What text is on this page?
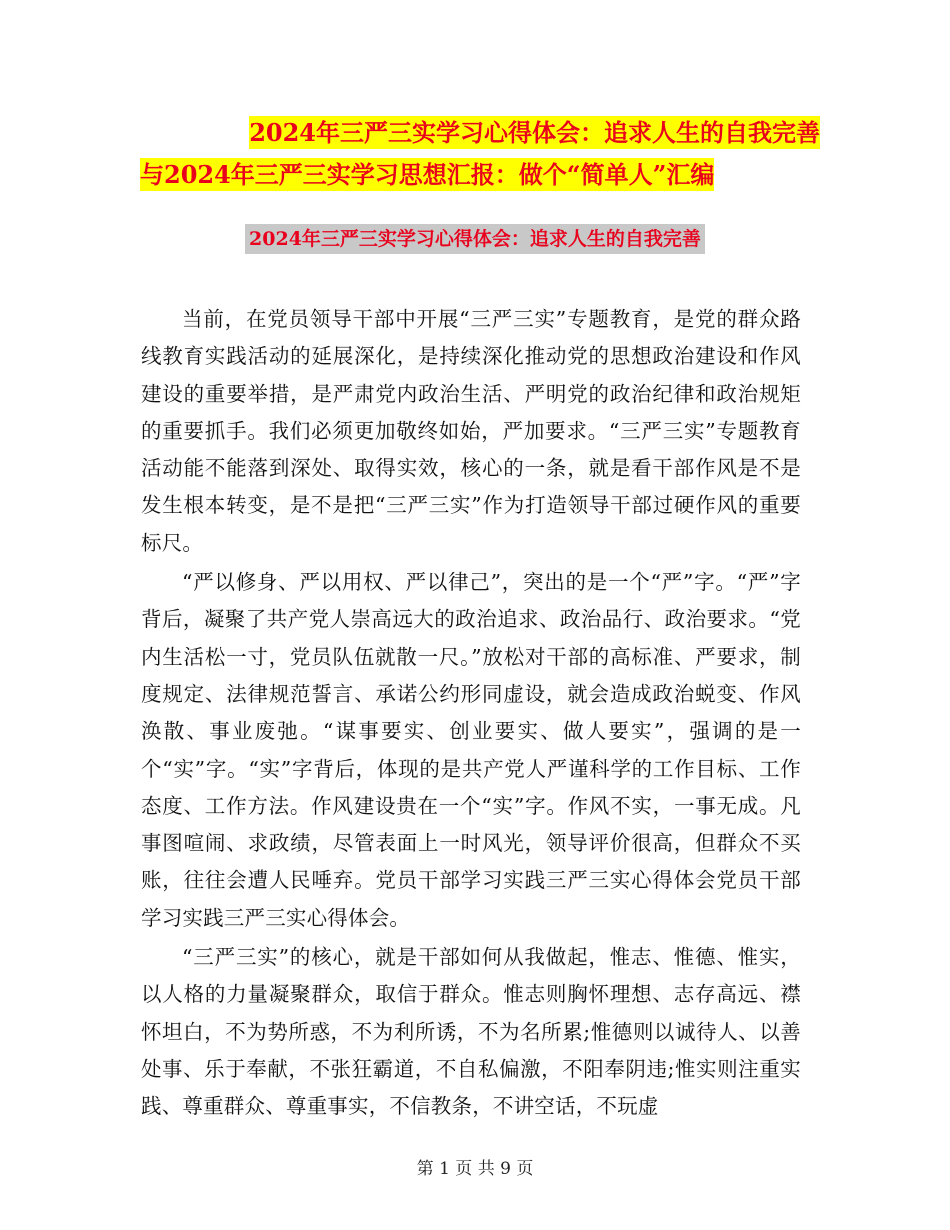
2024年三严三实学习心得体会：追求人生的自我完善
与2024年三严三实学习思想汇报：做个“简单人”汇编
2024年三严三实学习心得体会：追求人生的自我完善

当前，在党员领导干部中开展“三严三实”专题教育，是党的群众路线教育实践活动的延展深化，是持续深化推动党的思想政治建设和作风建设的重要举措，是严肃党内政治生活、严明党的政治纪律和政治规矩的重要抓手。我们必须更加敬终如始，严加要求。“三严三实”专题教育活动能不能落到深处、取得实效，核心的一条，就是看干部作风是不是发生根本转变，是不是把“三严三实”作为打造领导干部过硬作风的重要标尺。

“严以修身、严以用权、严以律己”，突出的是一个“严”字。“严”字背后，凝聚了共产党人崇高远大的政治追求、政治品行、政治要求。“党内生活松一寸，党员队伍就散一尺。”放松对干部的高标准、严要求，制度规定、法律规范誓言、承诺公约形同虚设，就会造成政治蜕变、作风涣散、事业废弛。“谋事要实、创业要实、做人要实”，强调的是一个“实”字。“实”字背后，体现的是共产党人严谨科学的工作目标、工作态度、工作方法。作风建设贵在一个“实”字。作风不实，一事无成。凡事图喧闹、求政绩，尽管表面上一时风光，领导评价很高，但群众不买账，往往会遭人民唾弃。党员干部学习实践三严三实心得体会党员干部学习实践三严三实心得体会。

“三严三实”的核心，就是干部如何从我做起，惟志、惟德、惟实，以人格的力量凝聚群众，取信于群众。惟志则胸怀理想、志存高远、襟怀坦白，不为势所惑，不为利所诱，不为名所累;惟德则以诚待人、以善处事、乐于奉献，不张狂霸道，不自私偏激，不阳奉阴违;惟实则注重实践、尊重群众、尊重事实，不信教条，不讲空话，不玩虚

第 1 页 共 9 页
